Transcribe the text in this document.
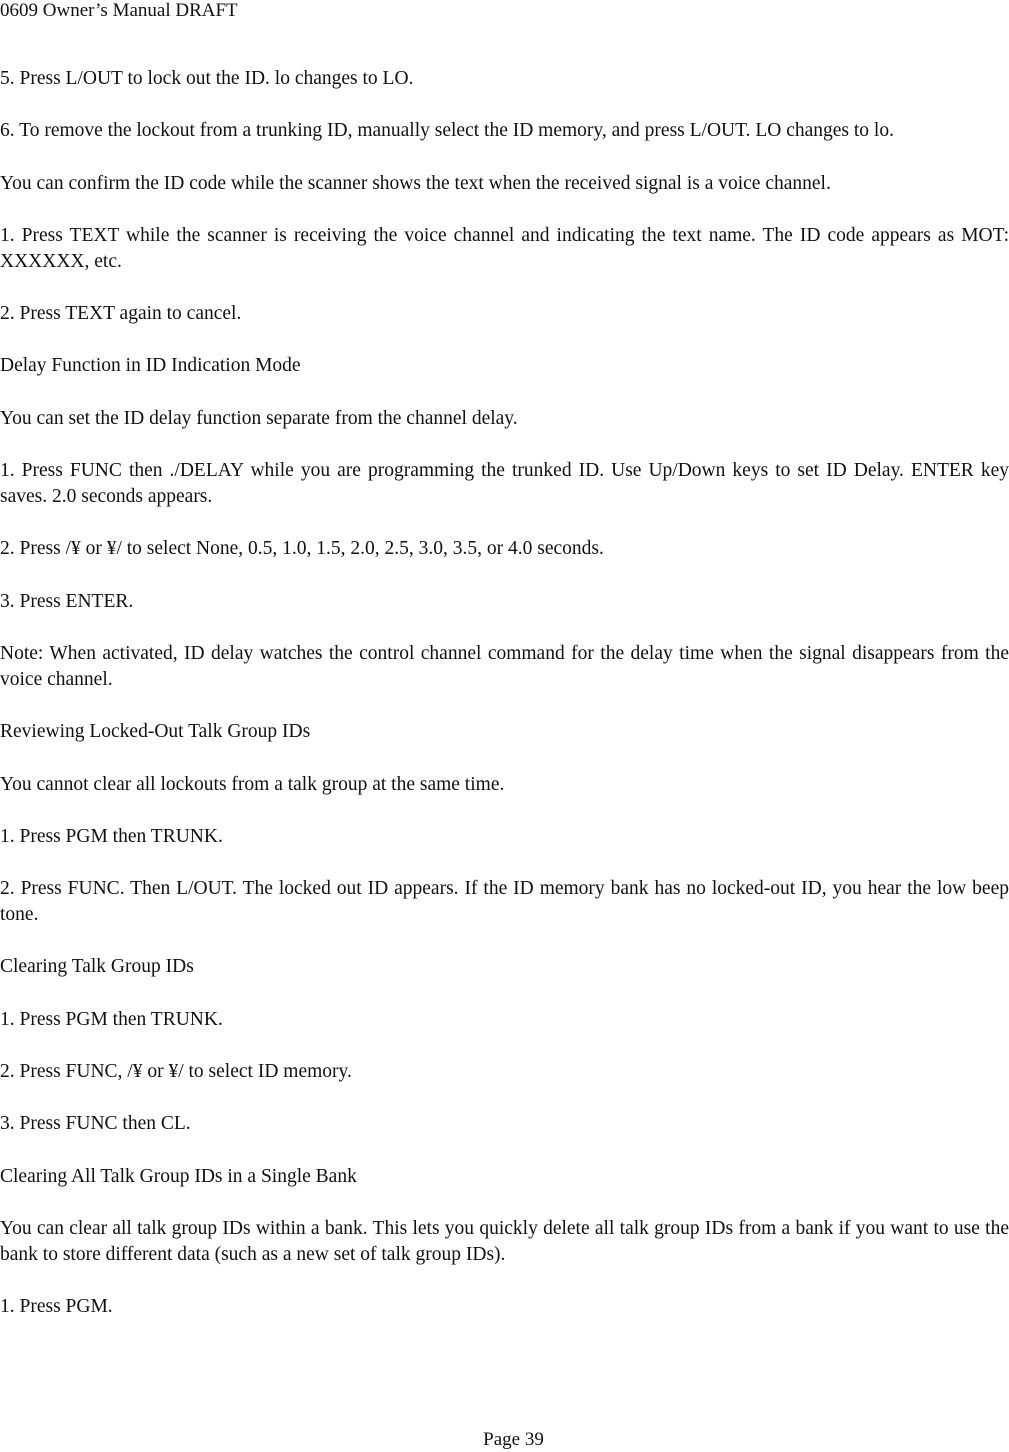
0609 Owner’s Manual DRAFT

5. Press L/OUT to lock out the ID. lo changes to LO.

6. To remove the lockout from a trunking ID, manually select the ID memory, and press L/OUT. LO changes to lo.

You can confirm the ID code while the scanner shows the text when the received signal is a voice channel.

1. Press TEXT while the scanner is receiving the voice channel and indicating the text name. The ID code appears as MOT: XXXXXX, etc.

2. Press TEXT again to cancel.

Delay Function in ID Indication Mode

You can set the ID delay function separate from the channel delay.

1. Press FUNC then ./DELAY while you are programming the trunked ID. Use Up/Down keys to set ID Delay. ENTER key saves. 2.0 seconds appears.

2. Press /¥ or ¥/ to select None, 0.5, 1.0, 1.5, 2.0, 2.5, 3.0, 3.5, or 4.0 seconds.

3. Press ENTER.

Note: When activated, ID delay watches the control channel command for the delay time when the signal disappears from the voice channel.

Reviewing Locked-Out Talk Group IDs

You cannot clear all lockouts from a talk group at the same time.

1. Press PGM then TRUNK.

2. Press FUNC. Then L/OUT. The locked out ID appears. If the ID memory bank has no locked-out ID, you hear the low beep tone.

Clearing Talk Group IDs

1. Press PGM then TRUNK.

2. Press FUNC, /¥ or ¥/ to select ID memory.

3. Press FUNC then CL.

Clearing All Talk Group IDs in a Single Bank

You can clear all talk group IDs within a bank. This lets you quickly delete all talk group IDs from a bank if you want to use the bank to store different data (such as a new set of talk group IDs).

1. Press PGM.

Page 39
